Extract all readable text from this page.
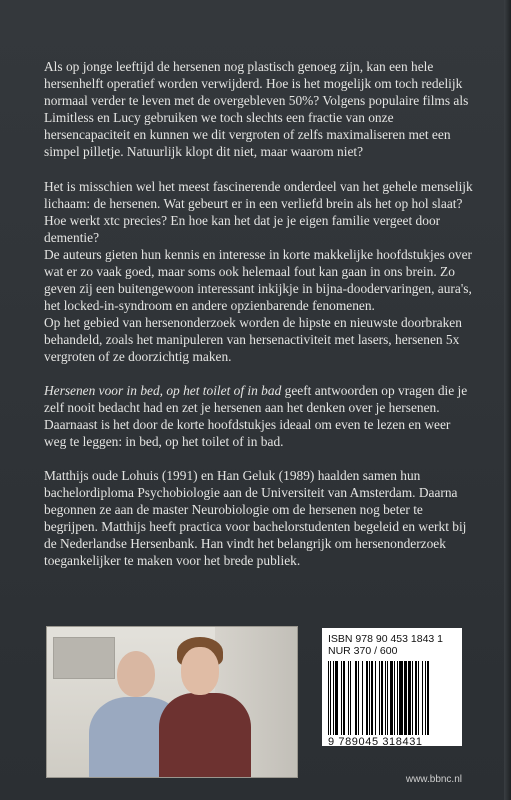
Als op jonge leeftijd de hersenen nog plastisch genoeg zijn, kan een hele hersenhelft operatief worden verwijderd. Hoe is het mogelijk om toch redelijk normaal verder te leven met de overgebleven 50%? Volgens populaire films als Limitless en Lucy gebruiken we toch slechts een fractie van onze hersencapaciteit en kunnen we dit vergroten of zelfs maximaliseren met een simpel pilletje. Natuurlijk klopt dit niet, maar waarom niet?

Het is misschien wel het meest fascinerende onderdeel van het gehele menselijk lichaam: de hersenen. Wat gebeurt er in een verliefd brein als het op hol slaat? Hoe werkt xtc precies? En hoe kan het dat je je eigen familie vergeet door dementie?

De auteurs gieten hun kennis en interesse in korte makkelijke hoofdstukjes over wat er zo vaak goed, maar soms ook helemaal fout kan gaan in ons brein. Zo geven zij een buitengewoon interessant inkijkje in bijna-doodervaringen, aura's, het locked-in-syndroom en andere opzienbarende fenomenen.

Op het gebied van hersenonderzoek worden de hipste en nieuwste doorbraken behandeld, zoals het manipuleren van hersenactiviteit met lasers, hersenen 5x vergroten of ze doorzichtig maken.

Hersenen voor in bed, op het toilet of in bad geeft antwoorden op vragen die je zelf nooit bedacht had en zet je hersenen aan het denken over je hersenen.

Daarnaast is het door de korte hoofdstukjes ideaal om even te lezen en weer weg te leggen: in bed, op het toilet of in bad.

Matthijs oude Lohuis (1991) en Han Geluk (1989) haalden samen hun bachelordiploma Psychobiologie aan de Universiteit van Amsterdam. Daarna begonnen ze aan de master Neurobiologie om de hersenen nog beter te begrijpen. Matthijs heeft practica voor bachelorstudenten begeleid en werkt bij de Nederlandse Hersenbank. Han vindt het belangrijk om hersenonderzoek toegankelijker te maken voor het brede publiek.

ISBN 978 90 453 1843 1
NUR 370 / 600
9 789045 318431
www.bbnc.nl
